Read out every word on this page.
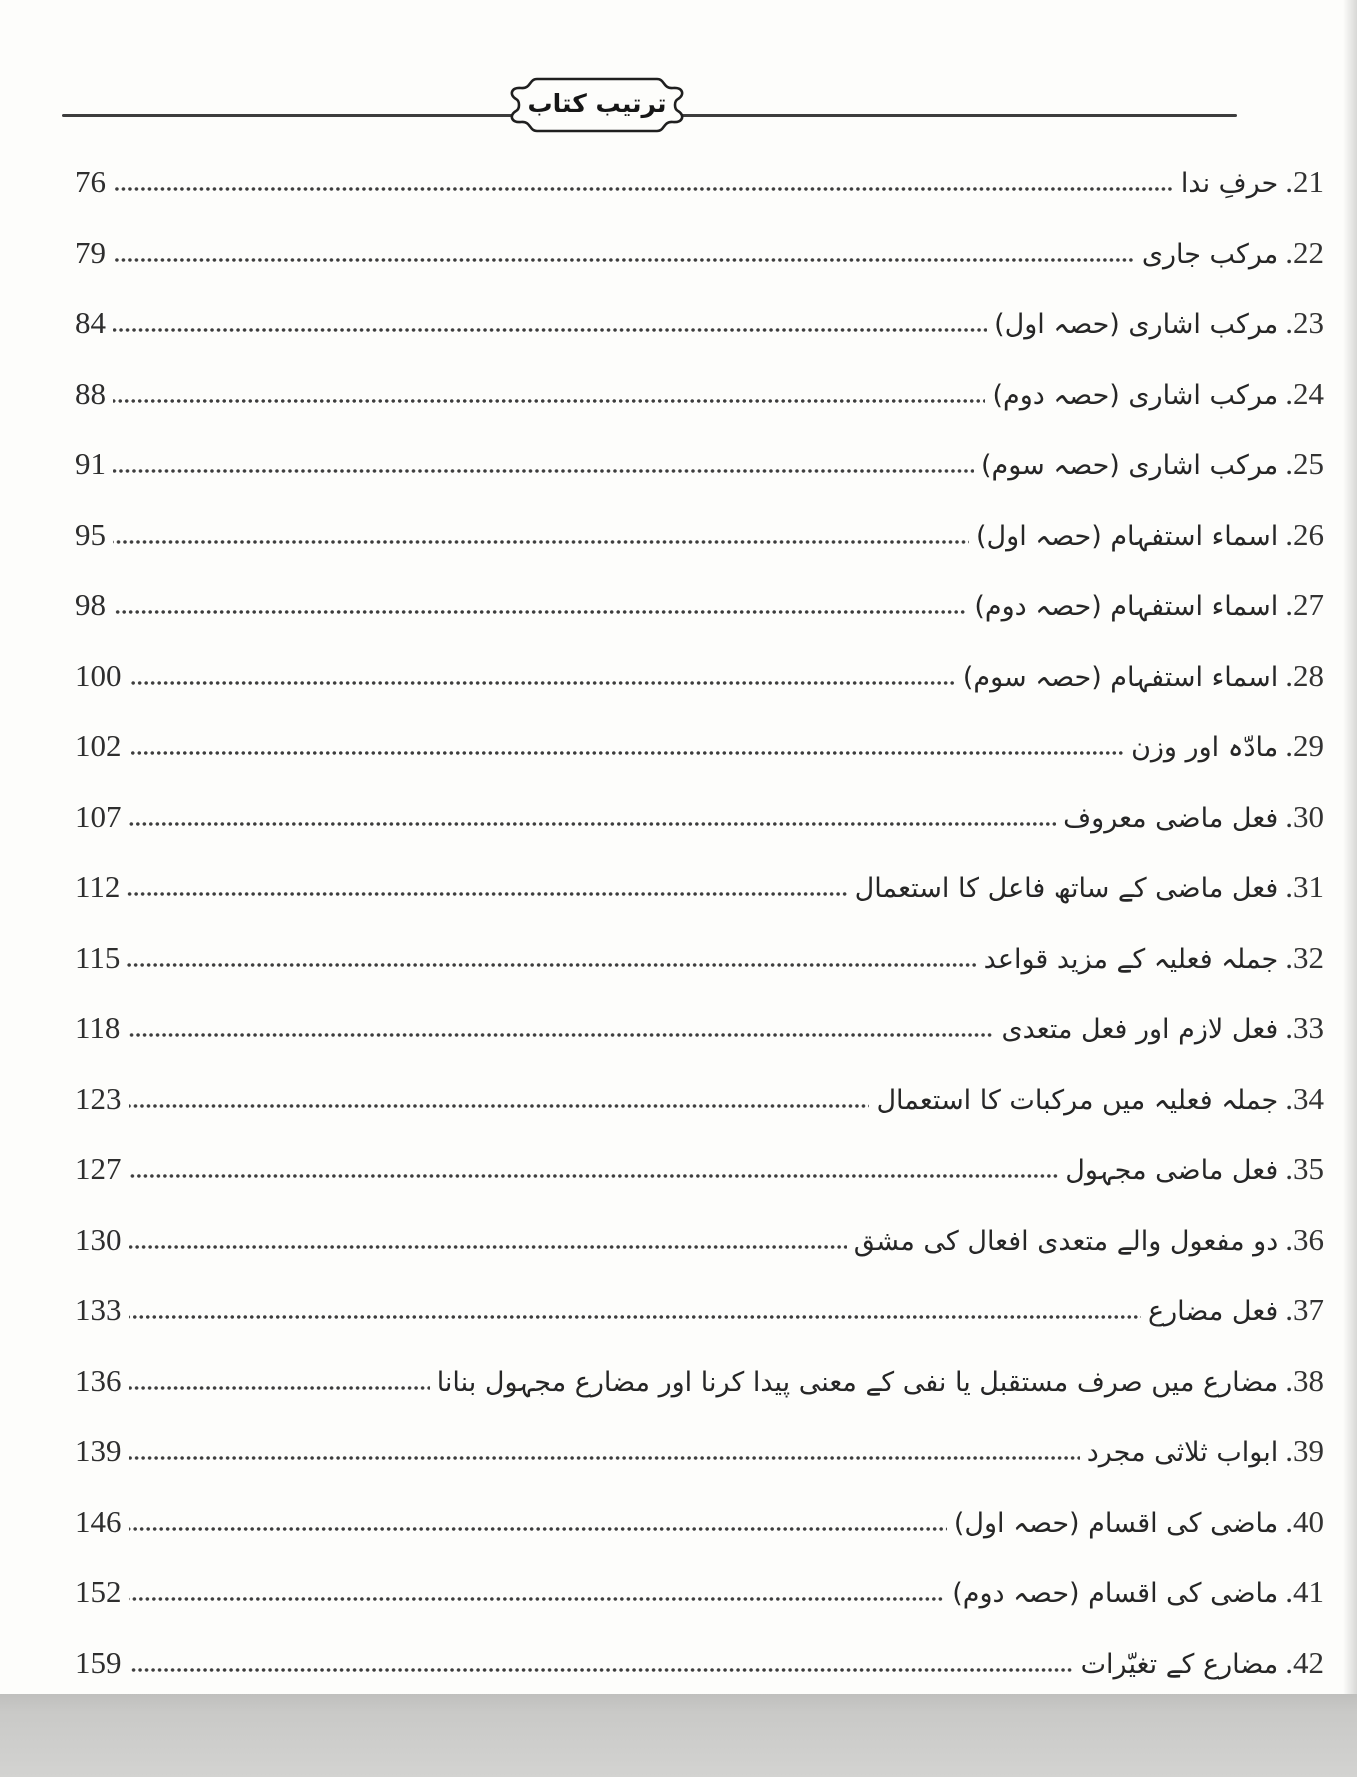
ترتیب کتاب
21.
حرفِ ندا
76
22.
مرکب جاری
79
23.
مرکب اشاری (حصہ اول)
84
24.
مرکب اشاری (حصہ دوم)
88
25.
مرکب اشاری (حصہ سوم)
91
26.
اسماء استفہام (حصہ اول)
95
27.
اسماء استفہام (حصہ دوم)
98
28.
اسماء استفہام (حصہ سوم)
100
29.
مادّہ اور وزن
102
30.
فعل ماضی معروف
107
31.
فعل ماضی کے ساتھ فاعل کا استعمال
112
32.
جملہ فعلیہ کے مزید قواعد
115
33.
فعل لازم اور فعل متعدی
118
34.
جملہ فعلیہ میں مرکبات کا استعمال
123
35.
فعل ماضی مجہول
127
36.
دو مفعول والے متعدی افعال کی مشق
130
37.
فعل مضارع
133
38.
مضارع میں صرف مستقبل یا نفی کے معنی پیدا کرنا اور مضارع مجہول بنانا
136
39.
ابواب ثلاثی مجرد
139
40.
ماضی کی اقسام (حصہ اول)
146
41.
ماضی کی اقسام (حصہ دوم)
152
42.
مضارع کے تغیّرات
159
